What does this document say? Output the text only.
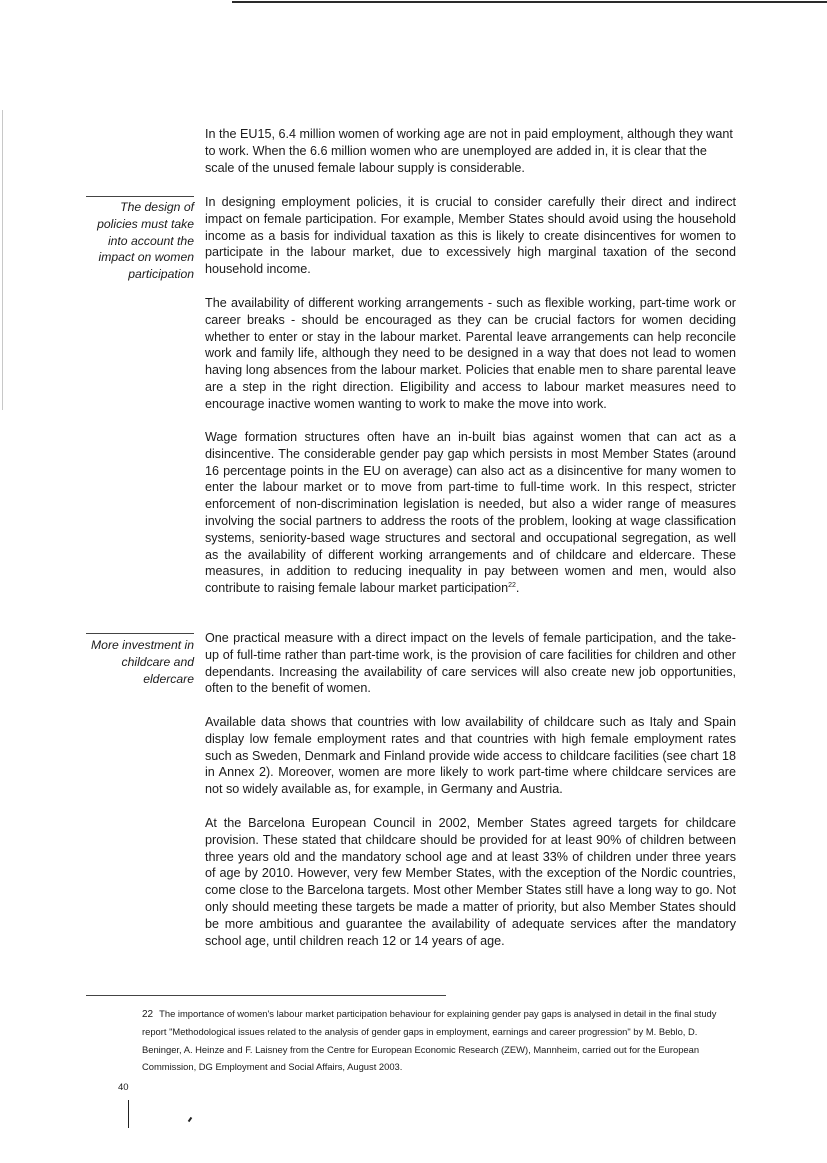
In the EU15, 6.4 million women of working age are not in paid employment, although they want to work. When the 6.6 million women who are unemployed are added in, it is clear that the scale of the unused female labour supply is considerable.

The design of policies must take into account the impact on women participation

In designing employment policies, it is crucial to consider carefully their direct and indirect impact on female participation. For example, Member States should avoid using the household income as a basis for individual taxation as this is likely to create disincentives for women to participate in the labour market, due to excessively high marginal taxation of the second household income.

The availability of different working arrangements - such as flexible working, part-time work or career breaks - should be encouraged as they can be crucial factors for women deciding whether to enter or stay in the labour market. Parental leave arrangements can help reconcile work and family life, although they need to be designed in a way that does not lead to women having long absences from the labour market. Policies that enable men to share parental leave are a step in the right direction. Eligibility and access to labour market measures need to encourage inactive women wanting to work to make the move into work.

Wage formation structures often have an in-built bias against women that can act as a disincentive. The considerable gender pay gap which persists in most Member States (around 16 percentage points in the EU on average) can also act as a disincentive for many women to enter the labour market or to move from part-time to full-time work. In this respect, stricter enforcement of non-discrimination legislation is needed, but also a wider range of measures involving the social partners to address the roots of the problem, looking at wage classification systems, seniority-based wage structures and sectoral and occupational segregation, as well as the availability of different working arrangements and of childcare and eldercare. These measures, in addition to reducing inequality in pay between women and men, would also contribute to raising female labour market participation$^{22}$.

More investment in childcare and eldercare

One practical measure with a direct impact on the levels of female participation, and the take-up of full-time rather than part-time work, is the provision of care facilities for children and other dependants. Increasing the availability of care services will also create new job opportunities, often to the benefit of women.

Available data shows that countries with low availability of childcare such as Italy and Spain display low female employment rates and that countries with high female employment rates such as Sweden, Denmark and Finland provide wide access to childcare facilities (see chart 18 in Annex 2). Moreover, women are more likely to work part-time where childcare services are not so widely available as, for example, in Germany and Austria.

At the Barcelona European Council in 2002, Member States agreed targets for childcare provision. These stated that childcare should be provided for at least 90% of children between three years old and the mandatory school age and at least 33% of children under three years of age by 2010. However, very few Member States, with the exception of the Nordic countries, come close to the Barcelona targets. Most other Member States still have a long way to go. Not only should meeting these targets be made a matter of priority, but also Member States should be more ambitious and guarantee the availability of adequate services after the mandatory school age, until children reach 12 or 14 years of age.

22 The importance of women's labour market participation behaviour for explaining gender pay gaps is analysed in detail in the final study report "Methodological issues related to the analysis of gender gaps in employment, earnings and career progression" by M. Beblo, D. Beninger, A. Heinze and F. Laisney from the Centre for European Economic Research (ZEW), Mannheim, carried out for the European Commission, DG Employment and Social Affairs, August 2003.

40
